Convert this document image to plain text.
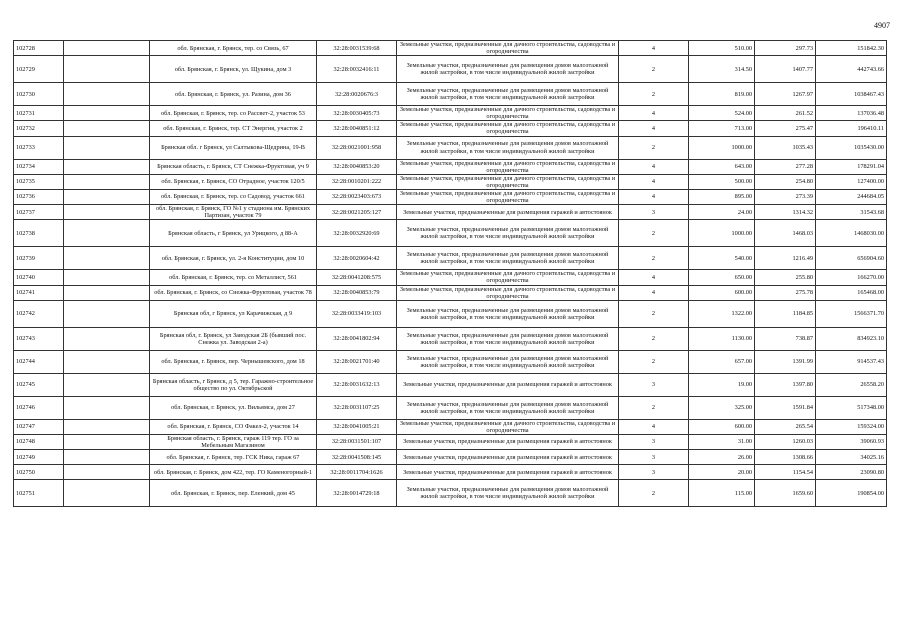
4907
102728		обл. Брянская, г. Брянск, тер. со Связь, 67	32:28:0031539:68	Земельные участки, предназначенные для дачного строительства, садоводства и огородничества	4	510.00	297.73	151842.30
102729		обл. Брянская, г. Брянск, ул. Щукина, дом 3	32:28:0032416:11	Земельные участки, предназначенные для размещения домов малоэтажной жилой застройки, в том числе индивидуальной жилой застройки	2	314.50	1407.77	442743.66
102730		обл. Брянская, г. Брянск, ул. Разина, дом 36	32:28:0020676:3	Земельные участки, предназначенные для размещения домов малоэтажной жилой застройки, в том числе индивидуальной жилой застройки	2	819.00	1267.97	1038467.43
102731		обл. Брянская, г. Брянск, тер. со Рассвет-2, участок 53	32:28:0030405:73	Земельные участки, предназначенные для дачного строительства, садоводства и огородничества	4	524.00	261.52	137036.48
102732		обл. Брянская, г. Брянск, тер. СТ Энергия, участок 2	32:28:0040851:12	Земельные участки, предназначенные для дачного строительства, садоводства и огородничества	4	713.00	275.47	196410.11
102733		Брянская обл. г Брянск, ул Салтыкова-Щедрина, 19-В	32:28:0021001:958	Земельные участки, предназначенные для размещения домов малоэтажной жилой застройки, в том числе индивидуальной жилой застройки	2	1000.00	1035.43	1035430.00
102734		Брянская область, г. Брянск, СТ Снежка-Фруктовая, уч 9	32:28:0040853:20	Земельные участки, предназначенные для дачного строительства, садоводства и огородничества	4	643.00	277.28	178291.04
102735		обл. Брянская, г. Брянск, СО Отрадное, участок 120/5	32:28:0010201:222	Земельные участки, предназначенные для дачного строительства, садоводства и огородничества	4	500.00	254.80	127400.00
102736		обл. Брянская, г. Брянск, тер. со Садовод, участок 661	32:28:0023403:673	Земельные участки, предназначенные для дачного строительства, садоводства и огородничества	4	895.00	273.39	244684.05
102737		обл. Брянская, г. Брянск, ГО №1 у стадиона им. Брянских Партизан, участок 79	32:28:0021205:127	Земельные участки, предназначенные для размещения гаражей и автостоянок	3	24.00	1314.32	31543.68
102738		Брянская область, г Брянск, ул Урицкого, д 88-А	32:28:0032920:69	Земельные участки, предназначенные для размещения домов малоэтажной жилой застройки, в том числе индивидуальной жилой застройки	2	1000.00	1468.03	1468030.00
102739		обл. Брянская, г. Брянск, ул. 2-я Конституции, дом 10	32:28:0020604:42	Земельные участки, предназначенные для размещения домов малоэтажной жилой застройки, в том числе индивидуальной жилой застройки	2	540.00	1216.49	656904.60
102740		обл. Брянская, г. Брянск, тер. со Металлист, 561	32:28:0041208:575	Земельные участки, предназначенные для дачного строительства, садоводства и огородничества	4	650.00	255.80	166270.00
102741		обл. Брянская, г. Брянск, со Снежка-Фруктовая, участок 78	32:28:0040853:79	Земельные участки, предназначенные для дачного строительства, садоводства и огородничества	4	600.00	275.78	165468.00
102742		Брянская обл, г Брянск, ул Карачижская, д 9	32:28:0033419:103	Земельные участки, предназначенные для размещения домов малоэтажной жилой застройки, в том числе индивидуальной жилой застройки	2	1322.00	1184.85	1566371.70
102743		Брянская обл, г. Брянск, ул Заводская 2Б (бывший пос. Снежка ул. Заводская 2-а)	32:28:0041802:94	Земельные участки, предназначенные для размещения домов малоэтажной жилой застройки, в том числе индивидуальной жилой застройки	2	1130.00	738.87	834923.10
102744		обл. Брянская, г. Брянск, пер. Чернышевского, дом 18	32:28:0021701:40	Земельные участки, предназначенные для размещения домов малоэтажной жилой застройки, в том числе индивидуальной жилой застройки	2	657.00	1391.99	914537.43
102745		Брянская область, г Брянск, д 5, тер. Гаражно-строительное общество по ул. Октябрьской	32:28:0031632:13	Земельные участки, предназначенные для размещения гаражей и автостоянок	3	19.00	1397.80	26558.20
102746		обл. Брянская, г. Брянск, ул. Вильямса, дом 27	32:28:0031107:25	Земельные участки, предназначенные для размещения домов малоэтажной жилой застройки, в том числе индивидуальной жилой застройки	2	325.00	1591.84	517348.00
102747		обл. Брянская, г. Брянск, СО Факел-2, участок 14	32:28:0041005:21	Земельные участки, предназначенные для дачного строительства, садоводства и огородничества	4	600.00	265.54	159324.00
102748		Брянская область, г. Брянск, гараж 119 тер. ГО за Мебельным Магазином	32:28:0031501:107	Земельные участки, предназначенные для размещения гаражей и автостоянок	3	31.00	1260.03	39060.93
102749		обл. Брянская, г. Брянск, тер. ГСК Ника, гараж 67	32:28:0041508:145	Земельные участки, предназначенные для размещения гаражей и автостоянок	3	26.00	1308.66	34025.16
102750		обл. Брянская, г. Брянск, дом 422, тер. ГО Каменогорный-1	32:28:0011704:1626	Земельные участки, предназначенные для размещения гаражей и автостоянок	3	20.00	1154.54	23090.80
102751		обл. Брянская, г. Брянск, пер. Еленкий, дом 45	32:28:0014729:18	Земельные участки, предназначенные для размещения домов малоэтажной жилой застройки, в том числе индивидуальной жилой застройки	2	115.00	1659.60	190854.00
